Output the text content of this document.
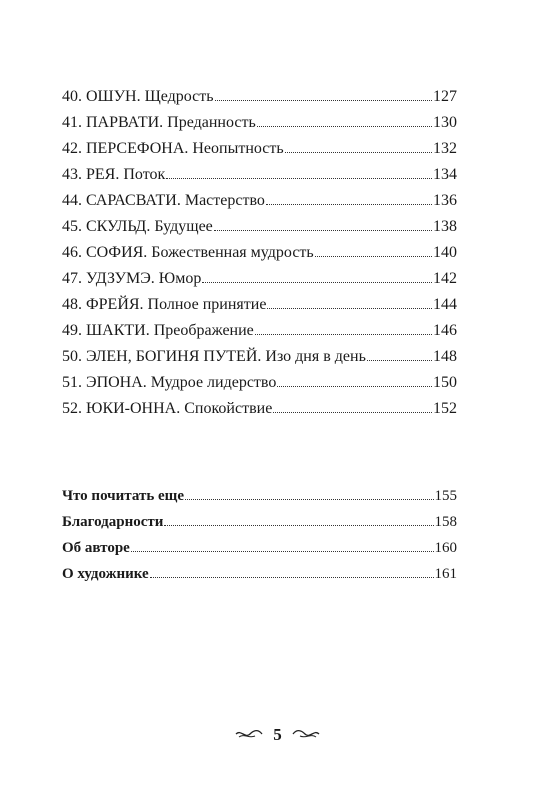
40. ОШУН. Щедрость	127
41. ПАРВАТИ. Преданность	130
42. ПЕРСЕФОНА. Неопытность	132
43. РЕЯ. Поток	134
44. САРАСВАТИ. Мастерство	136
45. СКУЛЬД. Будущее	138
46. СОФИЯ. Божественная мудрость	140
47. УДЗУМЭ. Юмор	142
48. ФРЕЙЯ. Полное принятие	144
49. ШАКТИ. Преображение	146
50. ЭЛЕН, БОГИНЯ ПУТЕЙ. Изо дня в день	148
51. ЭПОНА. Мудрое лидерство	150
52. ЮКИ-ОННА. Спокойствие	152
Что почитать еще	155
Благодарности	158
Об авторе	160
О художнике	161
5
